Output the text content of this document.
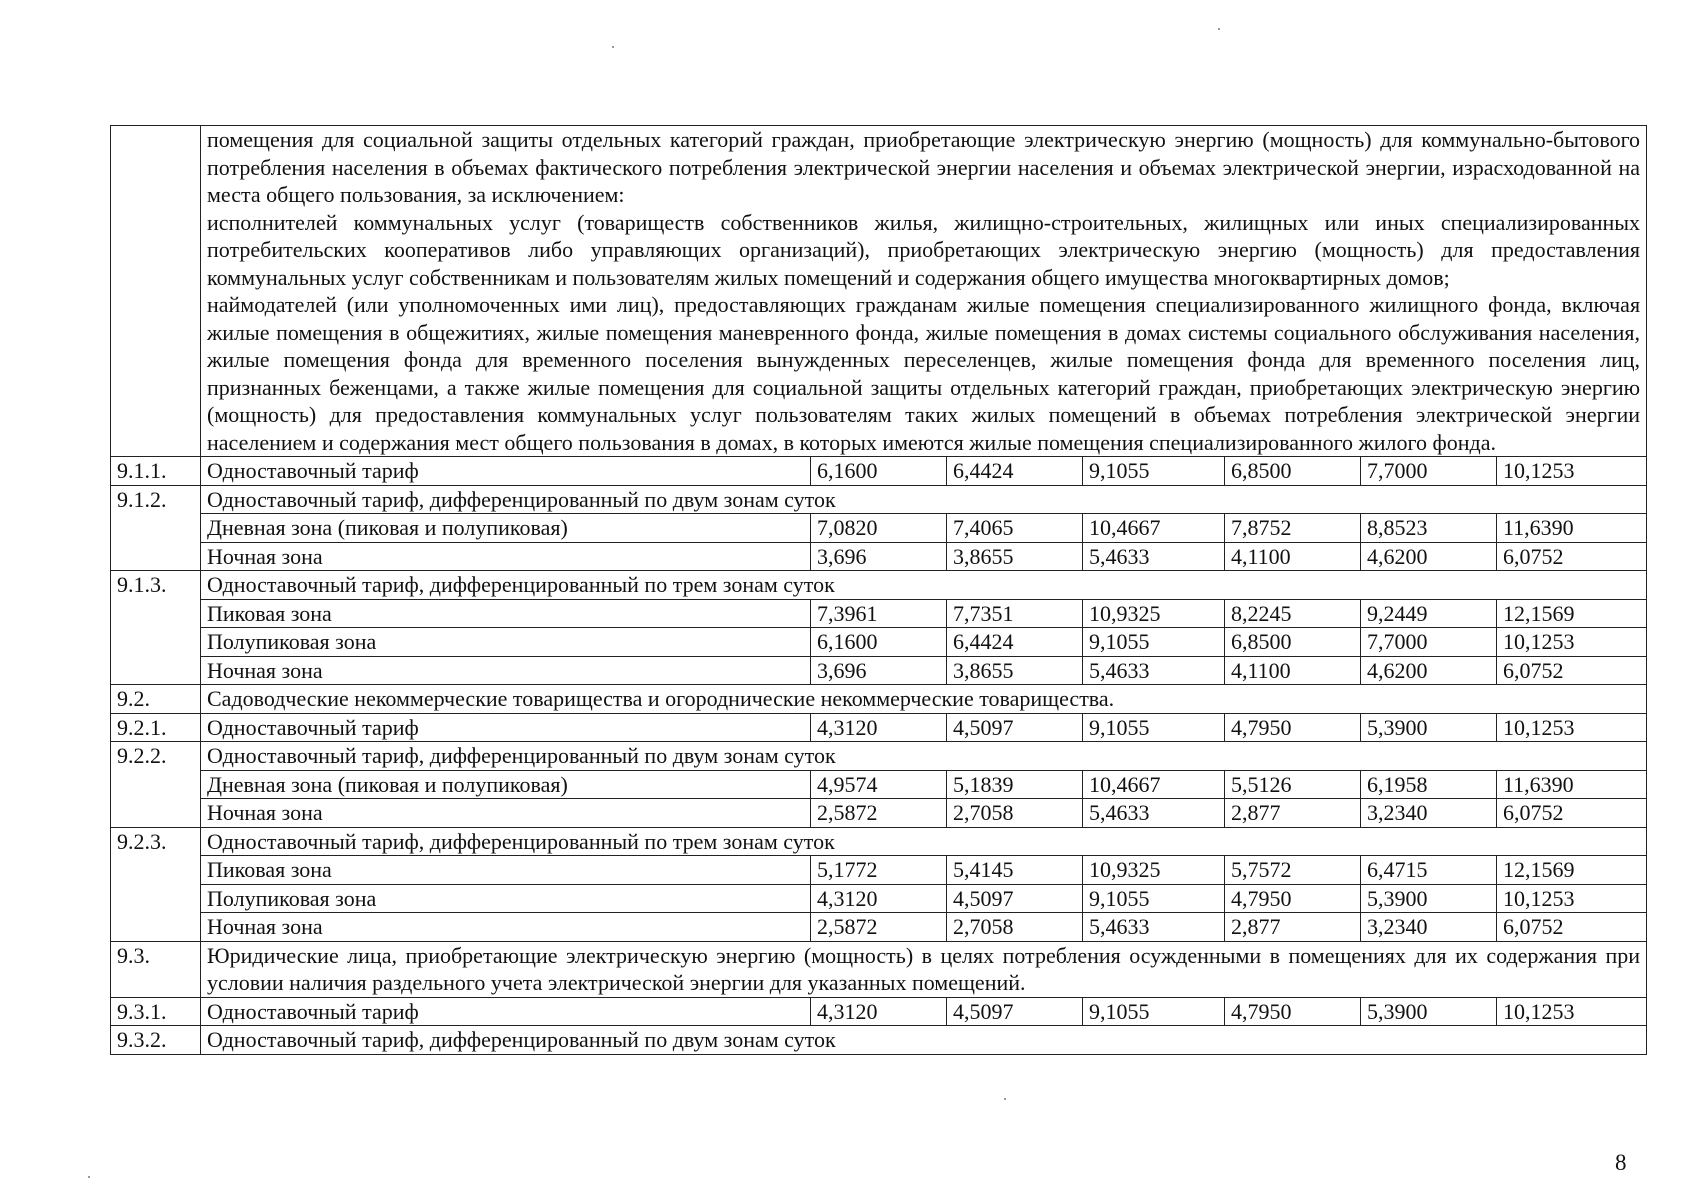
	помещения для социальной защиты отдельных категорий граждан, приобретающие электрическую энергию (мощность) для коммунально-бытового потребления населения в объемах фактического потребления электрической энергии населения и объемах электрической энергии, израсходованной на места общего пользования, за исключением:

исполнителей коммунальных услуг (товариществ собственников жилья, жилищно-строительных, жилищных или иных специализированных потребительских кооперативов либо управляющих организаций), приобретающих электрическую энергию (мощность) для предоставления коммунальных услуг собственникам и пользователям жилых помещений и содержания общего имущества многоквартирных домов;

наймодателей (или уполномоченных ими лиц), предоставляющих гражданам жилые помещения специализированного жилищного фонда, включая жилые помещения в общежитиях, жилые помещения маневренного фонда, жилые помещения в домах системы социального обслуживания населения, жилые помещения фонда для временного поселения вынужденных переселенцев, жилые помещения фонда для временного поселения лиц, признанных беженцами, а также жилые помещения для социальной защиты отдельных категорий граждан, приобретающих электрическую энергию (мощность) для предоставления коммунальных услуг пользователям таких жилых помещений в объемах потребления электрической энергии населением и содержания мест общего пользования в домах, в которых имеются жилые помещения специализированного жилого фонда.						

9.1.1.	Одноставочный тариф	6,1600	6,4424	9,1055	6,8500	7,7000	10,1253
9.1.2.	Одноставочный тариф, дифференцированный по двум зонам суток						
	Дневная зона (пиковая и полупиковая)	7,0820	7,4065	10,4667	7,8752	8,8523	11,6390
	Ночная зона	3,696	3,8655	5,4633	4,1100	4,6200	6,0752
9.1.3.	Одноставочный тариф, дифференцированный по трем зонам суток						
	Пиковая зона	7,3961	7,7351	10,9325	8,2245	9,2449	12,1569
	Полупиковая зона	6,1600	6,4424	9,1055	6,8500	7,7000	10,1253
	Ночная зона	3,696	3,8655	5,4633	4,1100	4,6200	6,0752
9.2.	Садоводческие некоммерческие товарищества и огороднические некоммерческие товарищества.						
9.2.1.	Одноставочный тариф	4,3120	4,5097	9,1055	4,7950	5,3900	10,1253
9.2.2.	Одноставочный тариф, дифференцированный по двум зонам суток						
	Дневная зона (пиковая и полупиковая)	4,9574	5,1839	10,4667	5,5126	6,1958	11,6390
	Ночная зона	2,5872	2,7058	5,4633	2,877	3,2340	6,0752
9.2.3.	Одноставочный тариф, дифференцированный по трем зонам суток						
	Пиковая зона	5,1772	5,4145	10,9325	5,7572	6,4715	12,1569
	Полупиковая зона	4,3120	4,5097	9,1055	4,7950	5,3900	10,1253
	Ночная зона	2,5872	2,7058	5,4633	2,877	3,2340	6,0752
9.3.	Юридические лица, приобретающие электрическую энергию (мощность) в целях потребления осужденными в помещениях для их содержания при условии наличия раздельного учета электрической энергии для указанных помещений.						
9.3.1.	Одноставочный тариф	4,3120	4,5097	9,1055	4,7950	5,3900	10,1253
9.3.2.	Одноставочный тариф, дифференцированный по двум зонам суток						
8
